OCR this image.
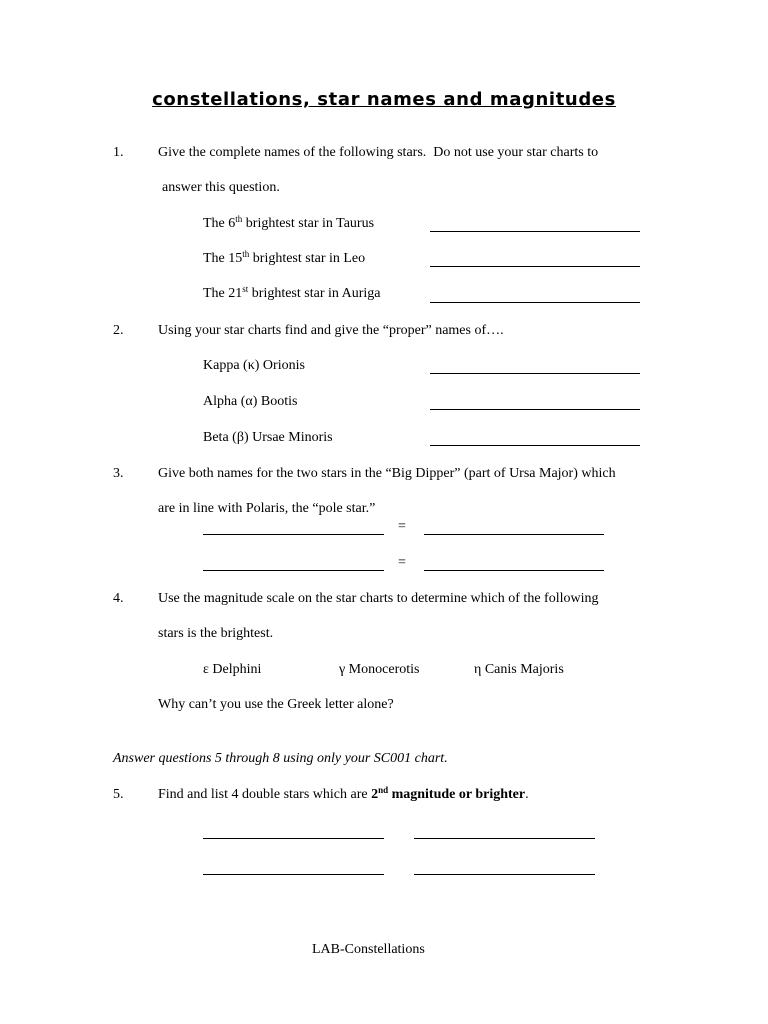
constellations, star names and magnitudes
1. Give the complete names of the following stars.  Do not use your star charts to
answer this question.
The 6th brightest star in Taurus
The 15th brightest star in Leo
The 21st brightest star in Auriga
2. Using your star charts find and give the “proper” names of….
Kappa (κ) Orionis
Alpha (α) Bootis
Beta (β) Ursae Minoris
3. Give both names for the two stars in the “Big Dipper” (part of Ursa Major) which
are in line with Polaris, the “pole star.”
=
=
4. Use the magnitude scale on the star charts to determine which of the following
stars is the brightest.
ε Delphini	γ Monocerotis	η Canis Majoris
Why can’t you use the Greek letter alone?
Answer questions 5 through 8 using only your SC001 chart.
5. Find and list 4 double stars which are 2nd magnitude or brighter.
LAB-Constellations
